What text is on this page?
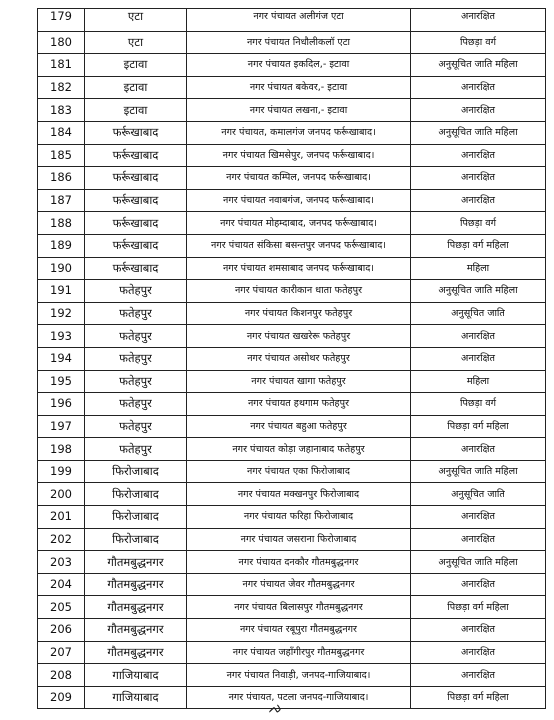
179	एटा	नगर पंचायत अलीगंज एटा	अनारक्षित
180	एटा	नगर पंचायत निधौलीकलॉ एटा	पिछड़ा वर्ग
181	इटावा	नगर पंचायत इकदिल,- इटावा	अनुसूचित जाति महिला
182	इटावा	नगर पंचायत बकेवर,- इटावा	अनारक्षित
183	इटावा	नगर पंचायत लखना,- इटावा	अनारक्षित
184	फर्रूखाबाद	नगर पंचायत, कमालगंज जनपद फर्रूखाबाद।	अनुसूचित जाति महिला
185	फर्रूखाबाद	नगर पंचायत खिमसेपुर, जनपद फर्रूखाबाद।	अनारक्षित
186	फर्रूखाबाद	नगर पंचायत कम्पिल, जनपद फर्रूखाबाद।	अनारक्षित
187	फर्रूखाबाद	नगर पंचायत नवाबगंज, जनपद फर्रूखाबाद।	अनारक्षित
188	फर्रूखाबाद	नगर पंचायत मोहम्दाबाद, जनपद फर्रूखाबाद।	पिछड़ा वर्ग
189	फर्रूखाबाद	नगर पंचायत संकिसा बसन्तपुर जनपद फर्रूखाबाद।	पिछड़ा वर्ग महिला
190	फर्रूखाबाद	नगर पंचायत शमसाबाद जनपद फर्रूखाबाद।	महिला
191	फतेहपुर	नगर पंचायत कारीकान धाता फतेहपुर	अनुसूचित जाति महिला
192	फतेहपुर	नगर पंचायत किशनपुर फतेहपुर	अनुसूचित जाति
193	फतेहपुर	नगर पंचायत खखरेरू फतेहपुर	अनारक्षित
194	फतेहपुर	नगर पंचायत असोथर फतेहपुर	अनारक्षित
195	फतेहपुर	नगर पंचायत खागा फतेहपुर	महिला
196	फतेहपुर	नगर पंचायत हथगाम फतेहपुर	पिछड़ा वर्ग
197	फतेहपुर	नगर पंचायत बहुआ फतेहपुर	पिछड़ा वर्ग महिला
198	फतेहपुर	नगर पंचायत कोड़ा जहानाबाद फतेहपुर	अनारक्षित
199	फिरोजाबाद	नगर पंचायत एका फिरोजाबाद	अनुसूचित जाति महिला
200	फिरोजाबाद	नगर पंचायत मक्खनपुर फिरोजाबाद	अनुसूचित जाति
201	फिरोजाबाद	नगर पंचायत फरिहा फिरोजाबाद	अनारक्षित
202	फिरोजाबाद	नगर पंचायत जसराना फिरोजाबाद	अनारक्षित
203	गौतमबुद्धनगर	नगर पंचायत दनकौर गौतमबुद्धनगर	अनुसूचित जाति महिला
204	गौतमबुद्धनगर	नगर पंचायत जेवर गौतमबुद्धनगर	अनारक्षित
205	गौतमबुद्धनगर	नगर पंचायत बिलासपुर गौतमबुद्धनगर	पिछड़ा वर्ग महिला
206	गौतमबुद्धनगर	नगर पंचायत रबूपुरा गौतमबुद्धनगर	अनारक्षित
207	गौतमबुद्धनगर	नगर पंचायत जहाँगीरपुर गौतमबुद्धनगर	अनारक्षित
208	गाजियाबाद	नगर पंचायत निवाड़ी, जनपद-गाजियाबाद।	अनारक्षित
209	गाजियाबाद	नगर पंचायत, पटला जनपद-गाजियाबाद।	पिछड़ा वर्ग महिला
ᨄ
